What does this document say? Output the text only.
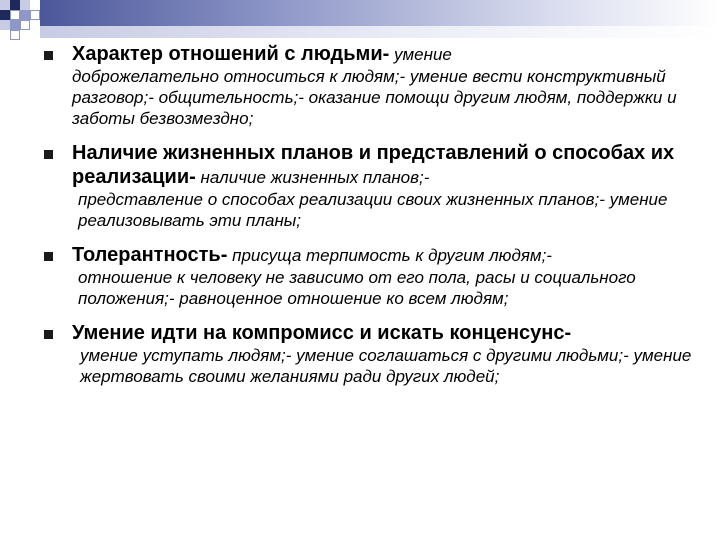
Характер отношений с людьми- умение
доброжелательно относиться к людям;- умение вести конструктивный разговор;- общительность;- оказание помощи другим людям, поддержки и заботы безвозмездно;
Наличие жизненных планов и представлений о способах их реализации- наличие жизненных планов;-
представление о способах реализации своих жизненных планов;- умение реализовывать эти планы;
Толерантность- присуща терпимость к другим людям;-
отношение к человеку не зависимо от его пола, расы и социального положения;- равноценное отношение ко всем людям;
Умение идти на компромисс и искать конценсунс-
умение уступать людям;- умение соглашаться с другими людьми;- умение жертвовать своими желаниями ради других людей;
